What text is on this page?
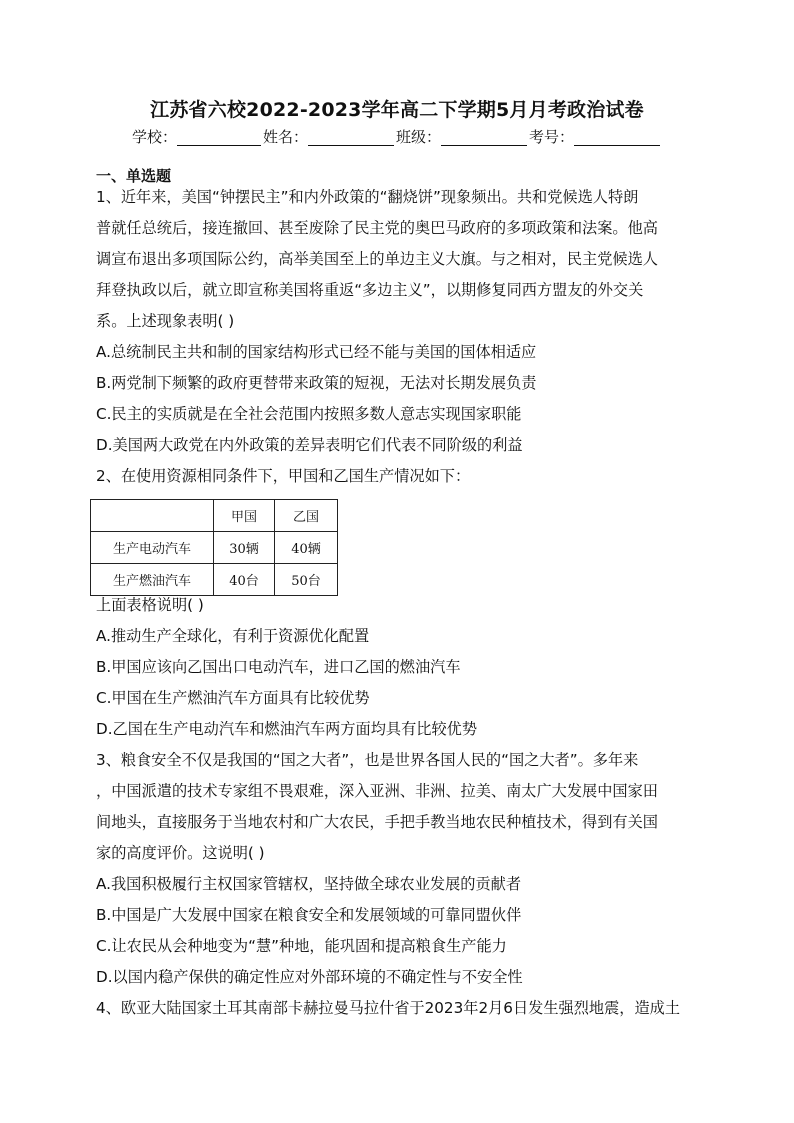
江苏省六校2022-2023学年高二下学期5月月考政治试卷
学校：	姓名：	班级：	考号：
一、单选题
1、近年来，美国“钟摆民主”和内外政策的“翻烧饼”现象频出。共和党候选人特朗
普就任总统后，接连撤回、甚至废除了民主党的奥巴马政府的多项政策和法案。他高
调宣布退出多项国际公约，高举美国至上的单边主义大旗。与之相对，民主党候选人
拜登执政以后，就立即宣称美国将重返“多边主义”，以期修复同西方盟友的外交关
系。上述现象表明( )
A.总统制民主共和制的国家结构形式已经不能与美国的国体相适应
B.两党制下频繁的政府更替带来政策的短视，无法对长期发展负责
C.民主的实质就是在全社会范围内按照多数人意志实现国家职能
D.美国两大政党在内外政策的差异表明它们代表不同阶级的利益
2、在使用资源相同条件下，甲国和乙国生产情况如下：
	甲国	乙国
生产电动汽车	30辆	40辆
生产燃油汽车	40台	50台
上面表格说明( )
A.推动生产全球化，有利于资源优化配置
B.甲国应该向乙国出口电动汽车，进口乙国的燃油汽车
C.甲国在生产燃油汽车方面具有比较优势
D.乙国在生产电动汽车和燃油汽车两方面均具有比较优势
3、粮食安全不仅是我国的“国之大者”，也是世界各国人民的“国之大者”。多年来
，中国派遣的技术专家组不畏艰难，深入亚洲、非洲、拉美、南太广大发展中国家田
间地头，直接服务于当地农村和广大农民，手把手教当地农民种植技术，得到有关国
家的高度评价。这说明( )
A.我国积极履行主权国家管辖权，坚持做全球农业发展的贡献者
B.中国是广大发展中国家在粮食安全和发展领域的可靠同盟伙伴
C.让农民从会种地变为“慧”种地，能巩固和提高粮食生产能力
D.以国内稳产保供的确定性应对外部环境的不确定性与不安全性
4、欧亚大陆国家土耳其南部卡赫拉曼马拉什省于2023年2月6日发生强烈地震，造成土
